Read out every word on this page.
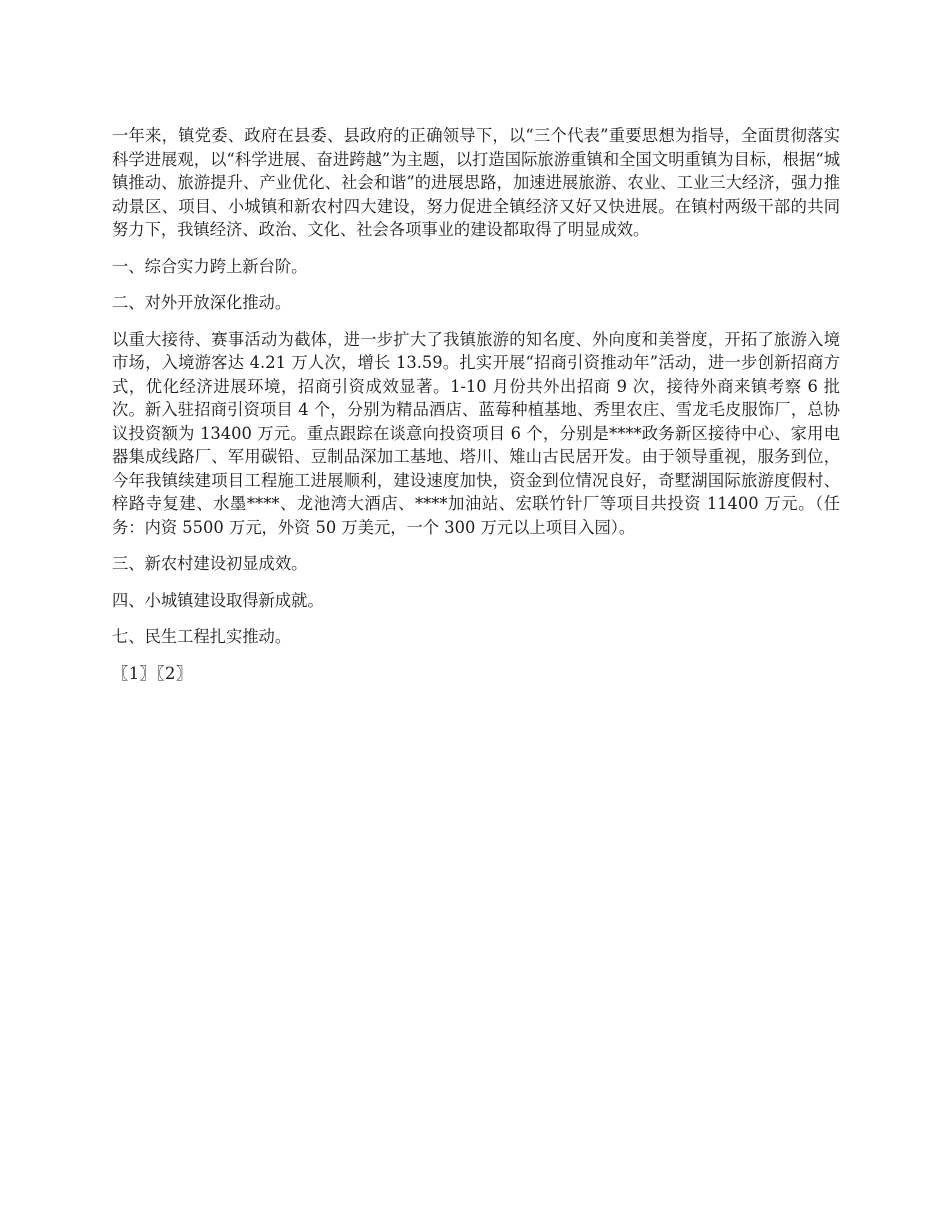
一年来，镇党委、政府在县委、县政府的正确领导下，以“三个代表”重要思想为指导，全面贯彻落实科学进展观，以“科学进展、奋进跨越”为主题，以打造国际旅游重镇和全国文明重镇为目标，根据“城镇推动、旅游提升、产业优化、社会和谐”的进展思路，加速进展旅游、农业、工业三大经济，强力推动景区、项目、小城镇和新农村四大建设，努力促进全镇经济又好又快进展。在镇村两级干部的共同努力下，我镇经济、政治、文化、社会各项事业的建设都取得了明显成效。

一、综合实力跨上新台阶。

二、对外开放深化推动。

以重大接待、赛事活动为截体，进一步扩大了我镇旅游的知名度、外向度和美誉度，开拓了旅游入境市场，入境游客达 4.21 万人次，增长 13.59。扎实开展“招商引资推动年”活动，进一步创新招商方式，优化经济进展环境，招商引资成效显著。1-10 月份共外出招商 9 次，接待外商来镇考察 6 批次。新入驻招商引资项目 4 个，分别为精品酒店、蓝莓种植基地、秀里农庄、雪龙毛皮服饰厂，总协议投资额为 13400 万元。重点跟踪在谈意向投资项目 6 个，分别是****政务新区接待中心、家用电器集成线路厂、军用碳铅、豆制品深加工基地、塔川、雉山古民居开发。由于领导重视，服务到位，今年我镇续建项目工程施工进展顺利，建设速度加快，资金到位情况良好，奇墅湖国际旅游度假村、梓路寺复建、水墨****、龙池湾大酒店、****加油站、宏联竹针厂等项目共投资 11400 万元。（任务：内资 5500 万元，外资 50 万美元，一个 300 万元以上项目入园）。

三、新农村建设初显成效。

四、小城镇建设取得新成就。

七、民生工程扎实推动。

〖1〗〖2〗
